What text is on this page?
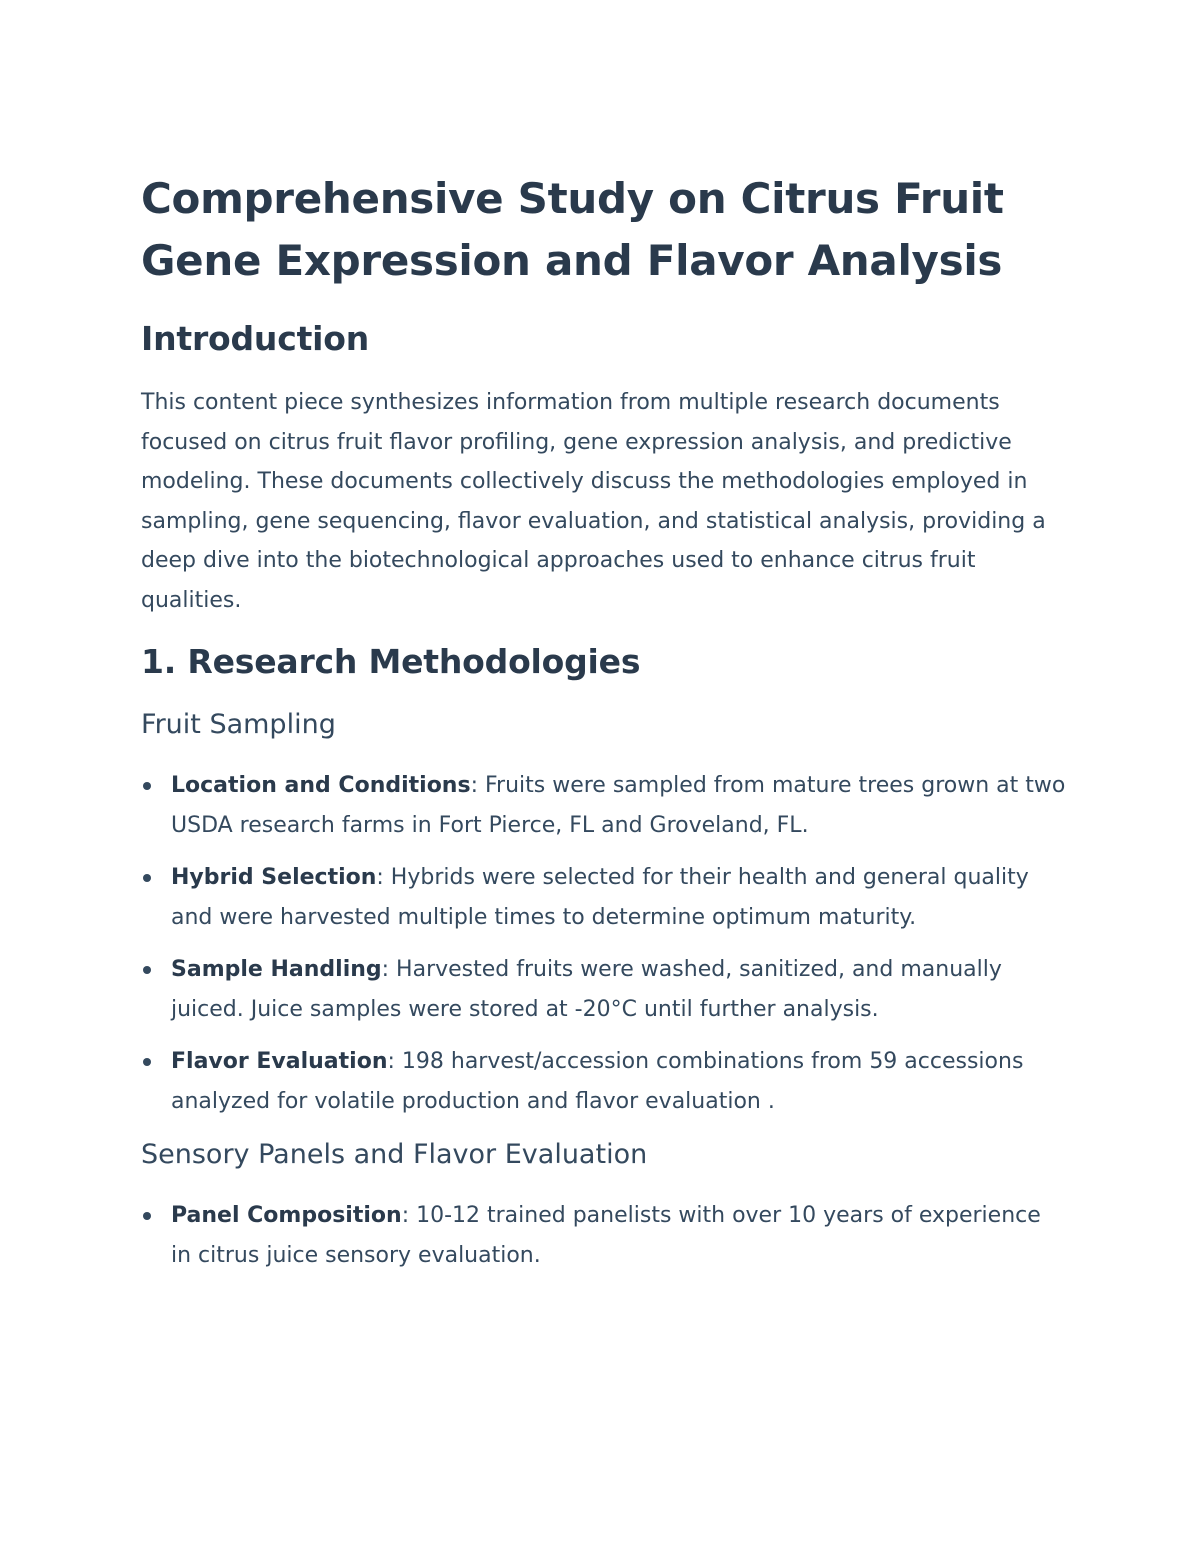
Comprehensive Study on Citrus Fruit Gene Expression and Flavor Analysis
Introduction

This content piece synthesizes information from multiple research documents focused on citrus fruit flavor profiling, gene expression analysis, and predictive modeling. These documents collectively discuss the methodologies employed in sampling, gene sequencing, flavor evaluation, and statistical analysis, providing a deep dive into the biotechnological approaches used to enhance citrus fruit qualities.

1. Research Methodologies
Fruit Sampling
Location and Conditions: Fruits were sampled from mature trees grown at two USDA research farms in Fort Pierce, FL and Groveland, FL.
Hybrid Selection: Hybrids were selected for their health and general quality and were harvested multiple times to determine optimum maturity.
Sample Handling: Harvested fruits were washed, sanitized, and manually juiced. Juice samples were stored at -20°C until further analysis.
Flavor Evaluation: 198 harvest/accession combinations from 59 accessions analyzed for volatile production and flavor evaluation .
Sensory Panels and Flavor Evaluation
Panel Composition: 10-12 trained panelists with over 10 years of experience in citrus juice sensory evaluation.
